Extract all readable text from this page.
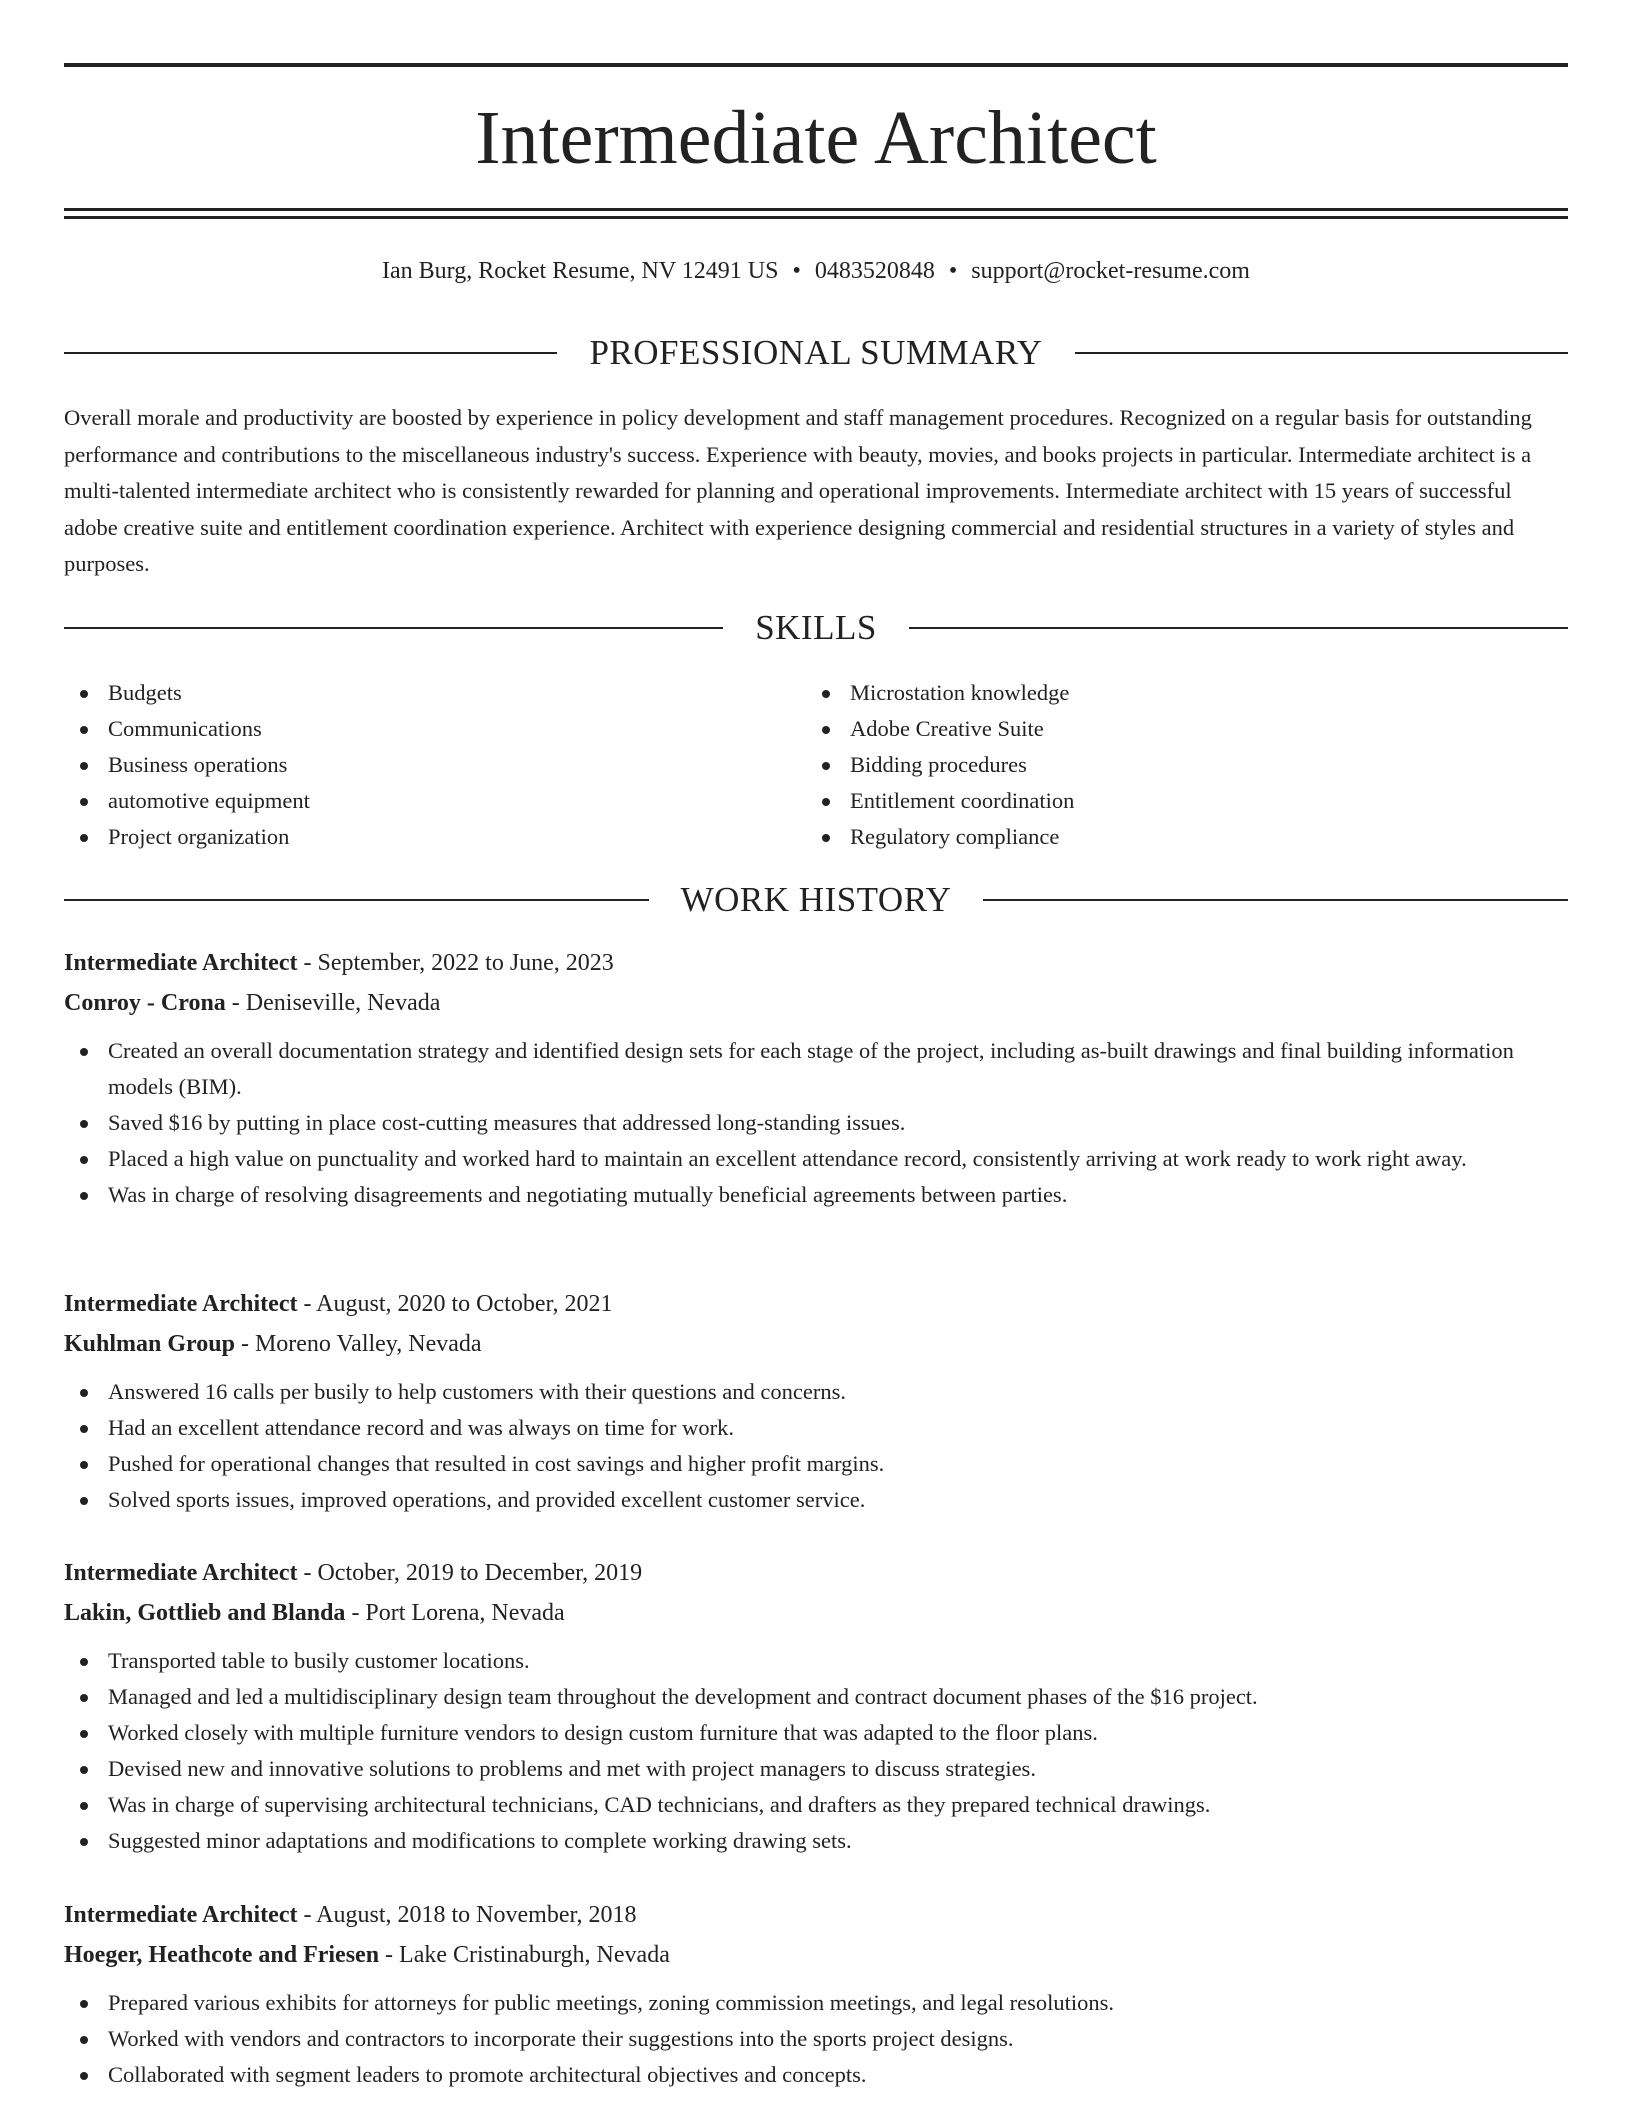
Intermediate Architect
Ian Burg, Rocket Resume, NV 12491 US • 0483520848 • support@rocket-resume.com
PROFESSIONAL SUMMARY

Overall morale and productivity are boosted by experience in policy development and staff management procedures. Recognized on a regular basis for outstanding performance and contributions to the miscellaneous industry's success. Experience with beauty, movies, and books projects in particular. Intermediate architect is a multi-talented intermediate architect who is consistently rewarded for planning and operational improvements. Intermediate architect with 15 years of successful adobe creative suite and entitlement coordination experience. Architect with experience designing commercial and residential structures in a variety of styles and purposes.

SKILLS
Budgets
Communications
Business operations
automotive equipment
Project organization
Microstation knowledge
Adobe Creative Suite
Bidding procedures
Entitlement coordination
Regulatory compliance
WORK HISTORY
Intermediate Architect - September, 2022 to June, 2023
Conroy - Crona - Deniseville, Nevada
Created an overall documentation strategy and identified design sets for each stage of the project, including as-built drawings and final building information models (BIM).
Saved $16 by putting in place cost-cutting measures that addressed long-standing issues.
Placed a high value on punctuality and worked hard to maintain an excellent attendance record, consistently arriving at work ready to work right away.
Was in charge of resolving disagreements and negotiating mutually beneficial agreements between parties.
Intermediate Architect - August, 2020 to October, 2021
Kuhlman Group - Moreno Valley, Nevada
Answered 16 calls per busily to help customers with their questions and concerns.
Had an excellent attendance record and was always on time for work.
Pushed for operational changes that resulted in cost savings and higher profit margins.
Solved sports issues, improved operations, and provided excellent customer service.
Intermediate Architect - October, 2019 to December, 2019
Lakin, Gottlieb and Blanda - Port Lorena, Nevada
Transported table to busily customer locations.
Managed and led a multidisciplinary design team throughout the development and contract document phases of the $16 project.
Worked closely with multiple furniture vendors to design custom furniture that was adapted to the floor plans.
Devised new and innovative solutions to problems and met with project managers to discuss strategies.
Was in charge of supervising architectural technicians, CAD technicians, and drafters as they prepared technical drawings.
Suggested minor adaptations and modifications to complete working drawing sets.
Intermediate Architect - August, 2018 to November, 2018
Hoeger, Heathcote and Friesen - Lake Cristinaburgh, Nevada
Prepared various exhibits for attorneys for public meetings, zoning commission meetings, and legal resolutions.
Worked with vendors and contractors to incorporate their suggestions into the sports project designs.
Collaborated with segment leaders to promote architectural objectives and concepts.
